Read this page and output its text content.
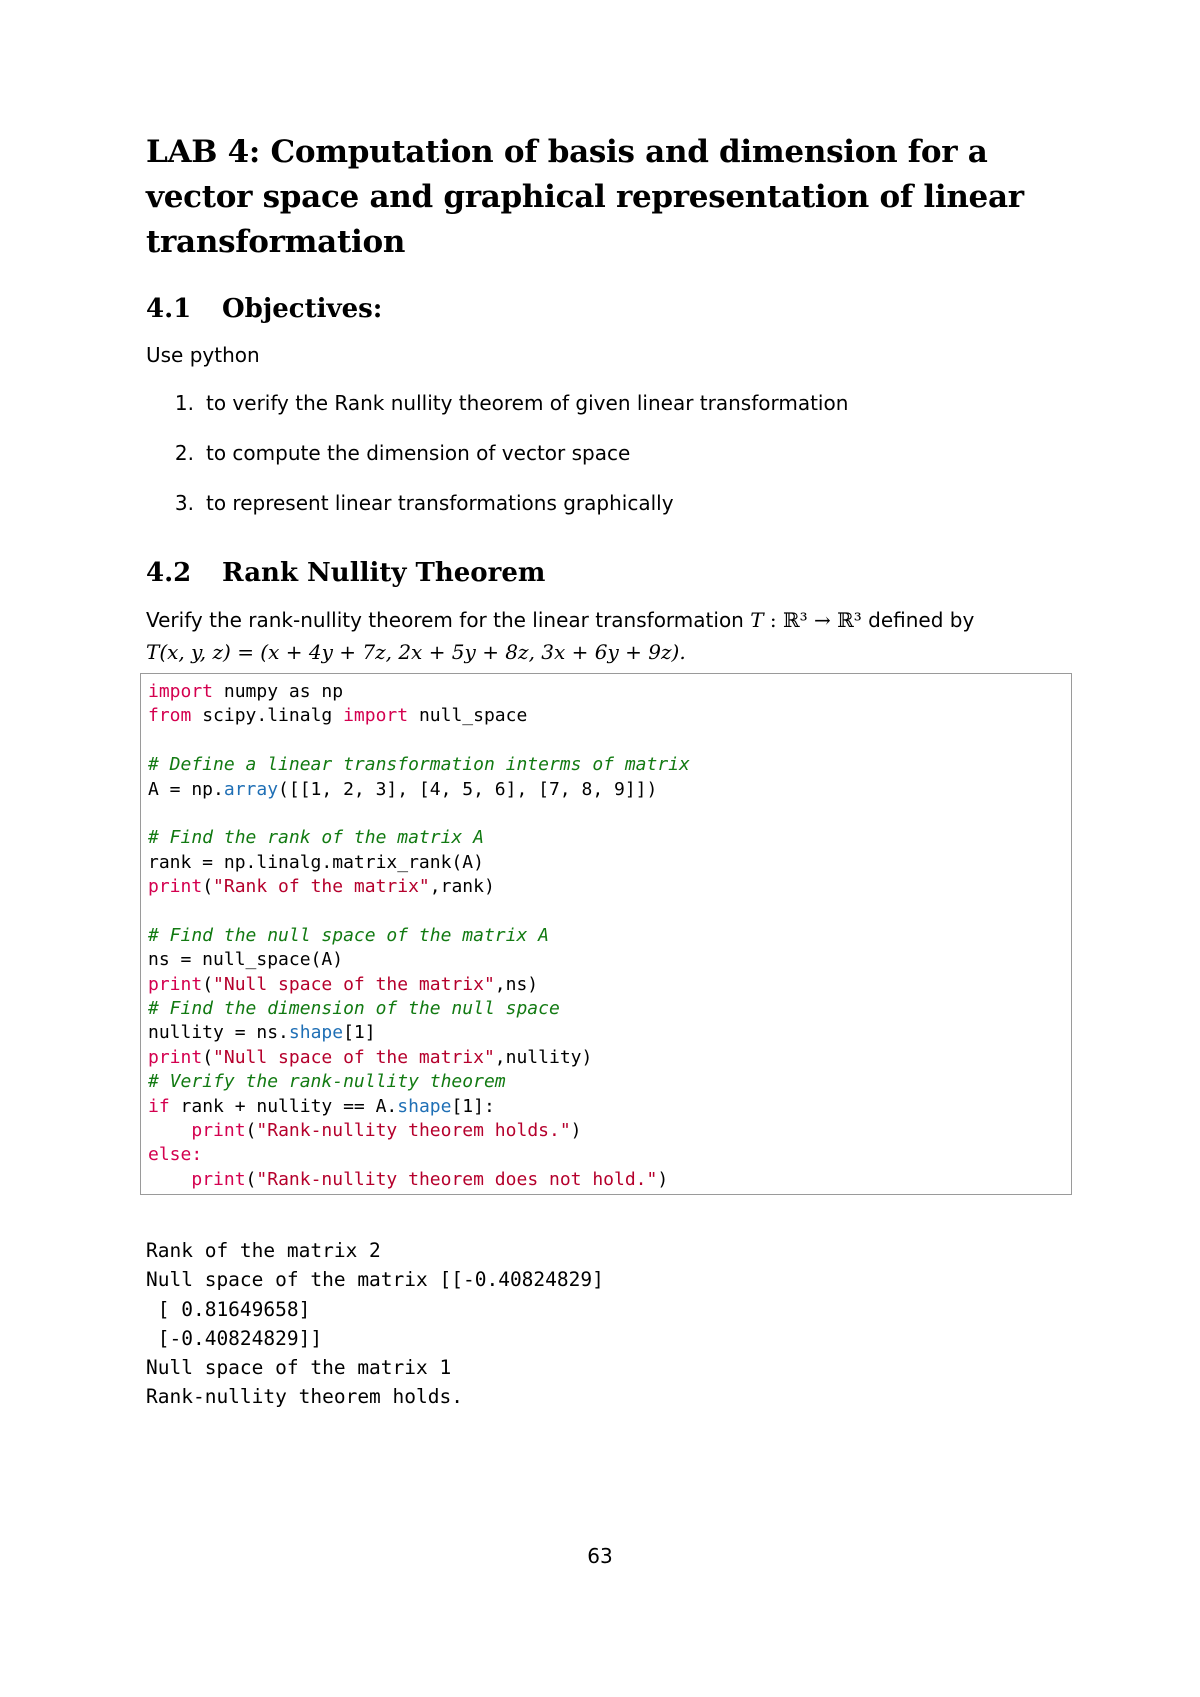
LAB 4: Computation of basis and dimension for a vector space and graphical representation of linear transformation
4.1 Objectives:

Use python

1. to verify the Rank nullity theorem of given linear transformation
2. to compute the dimension of vector space
3. to represent linear transformations graphically
4.2 Rank Nullity Theorem

Verify the rank-nullity theorem for the linear transformation T : ℝ³ → ℝ³ defined by
T(x, y, z) = (x + 4y + 7z, 2x + 5y + 8z, 3x + 6y + 9z).

import numpy as np
from scipy.linalg import null_space

# Define a linear transformation interms of matrix
A = np.array([[1, 2, 3], [4, 5, 6], [7, 8, 9]])

# Find the rank of the matrix A
rank = np.linalg.matrix_rank(A)
print("Rank of the matrix",rank)

# Find the null space of the matrix A
ns = null_space(A)
print("Null space of the matrix",ns)
# Find the dimension of the null space
nullity = ns.shape[1]
print("Null space of the matrix",nullity)
# Verify the rank-nullity theorem
if rank + nullity == A.shape[1]:
print("Rank-nullity theorem holds.")
else:
print("Rank-nullity theorem does not hold.")
Rank of the matrix 2
Null space of the matrix [[-0.40824829]
[ 0.81649658]
[-0.40824829]]
Null space of the matrix 1
Rank-nullity theorem holds.
63
